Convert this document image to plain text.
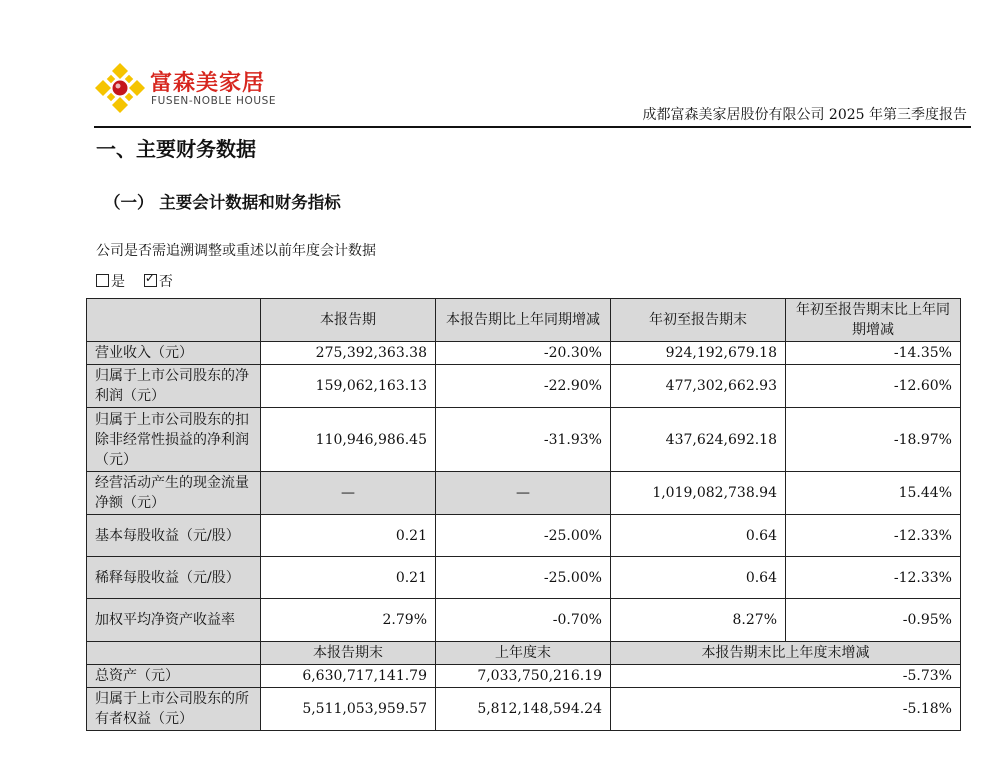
富森美家居
FUSEN-NOBLE HOUSE
成都富森美家居股份有限公司 2025 年第三季度报告
一、主要财务数据
（一） 主要会计数据和财务指标
公司是否需追溯调整或重述以前年度会计数据
是 ✓ 否
	本报告期	本报告期比上年同期增减	年初至报告期末	年初至报告期末比上年同期增减
营业收入（元）	275,392,363.38	-20.30%	924,192,679.18	-14.35%
归属于上市公司股东的净利润（元）	159,062,163.13	-22.90%	477,302,662.93	-12.60%
归属于上市公司股东的扣除非经常性损益的净利润（元）	110,946,986.45	-31.93%	437,624,692.18	-18.97%
经营活动产生的现金流量净额（元）	—	—	1,019,082,738.94	15.44%
基本每股收益（元/股）	0.21	-25.00%	0.64	-12.33%
稀释每股收益（元/股）	0.21	-25.00%	0.64	-12.33%
加权平均净资产收益率	2.79%	-0.70%	8.27%	-0.95%
	本报告期末	上年度末	本报告期末比上年度末增减	
总资产（元）	6,630,717,141.79	7,033,750,216.19	-5.73%	
归属于上市公司股东的所有者权益（元）	5,511,053,959.57	5,812,148,594.24	-5.18%	
